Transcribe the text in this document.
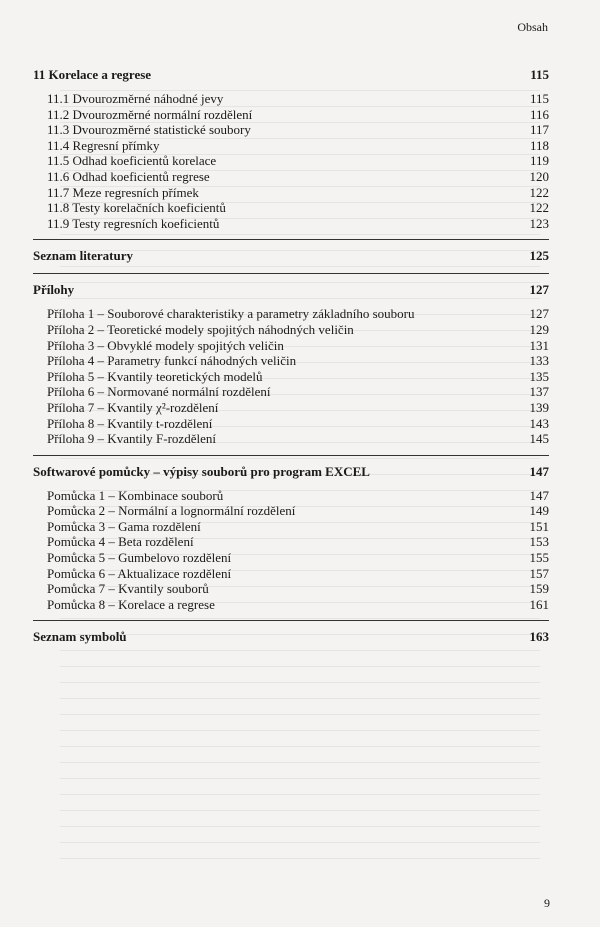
Obsah
11 Korelace a regrese	115
11.1 Dvourozměrné náhodné jevy	115
11.2 Dvourozměrné normální rozdělení	116
11.3 Dvourozměrné statistické soubory	117
11.4 Regresní přímky	118
11.5 Odhad koeficientů korelace	119
11.6 Odhad koeficientů regrese	120
11.7 Meze regresních přímek	122
11.8 Testy korelačních koeficientů	122
11.9 Testy regresních koeficientů	123
Seznam literatury	125
Přílohy	127
Příloha 1 – Souborové charakteristiky a parametry základního souboru	127
Příloha 2 – Teoretické modely spojitých náhodných veličin	129
Příloha 3 – Obvyklé modely spojitých veličin	131
Příloha 4 – Parametry funkcí náhodných veličin	133
Příloha 5 – Kvantily teoretických modelů	135
Příloha 6 – Normované normální rozdělení	137
Příloha 7 – Kvantily χ²-rozdělení	139
Příloha 8 – Kvantily t-rozdělení	143
Příloha 9 – Kvantily F-rozdělení	145
Softwarové pomůcky – výpisy souborů pro program EXCEL	147
Pomůcka 1 – Kombinace souborů	147
Pomůcka 2 – Normální a lognormální rozdělení	149
Pomůcka 3 – Gama rozdělení	151
Pomůcka 4 – Beta rozdělení	153
Pomůcka 5 – Gumbelovo rozdělení	155
Pomůcka 6 – Aktualizace rozdělení	157
Pomůcka 7 – Kvantily souborů	159
Pomůcka 8 – Korelace a regrese	161
Seznam symbolů	163
9
